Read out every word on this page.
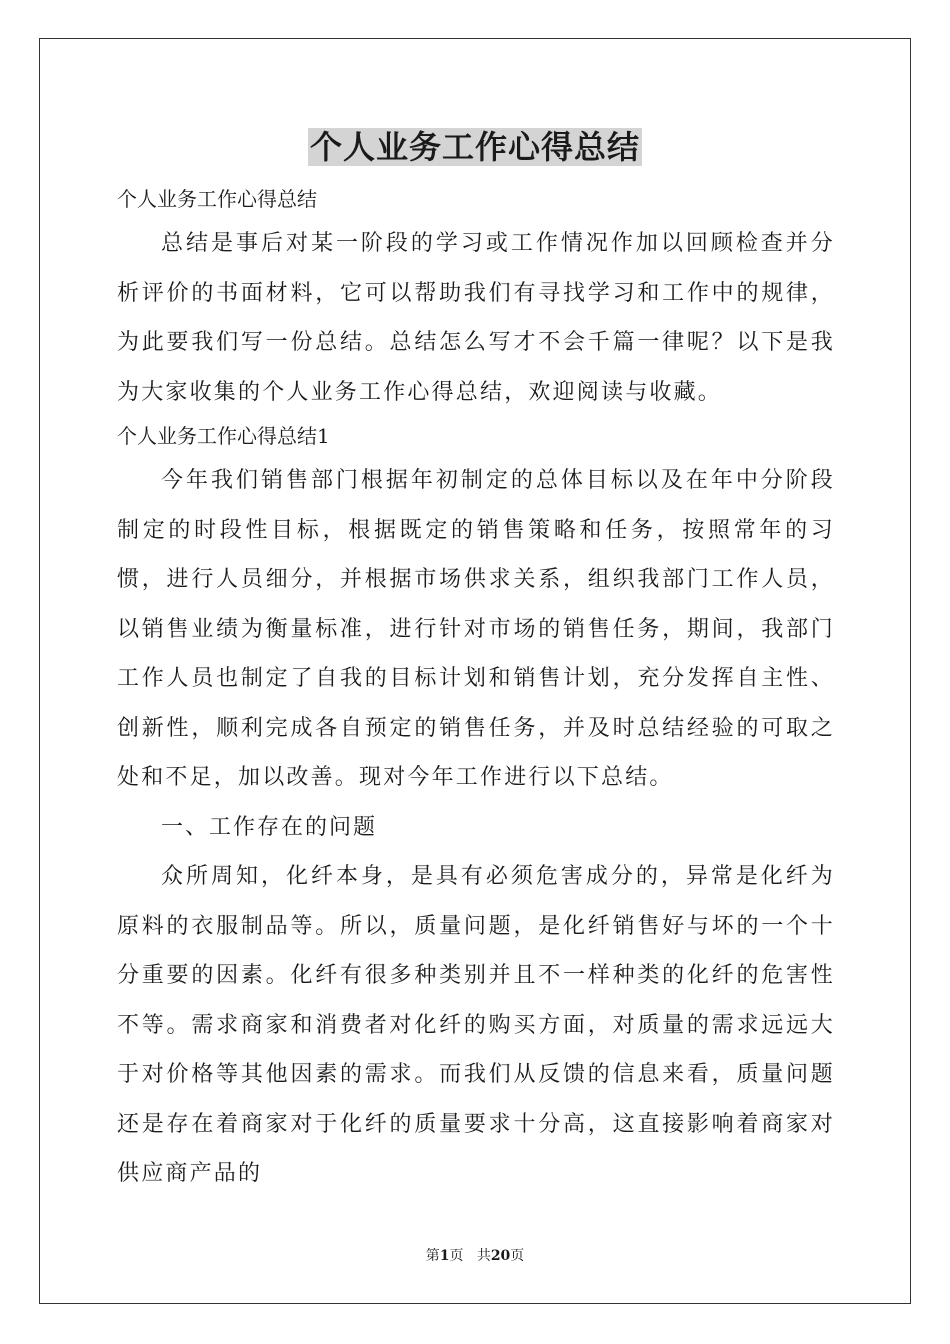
个人业务工作心得总结

个人业务工作心得总结

总结是事后对某一阶段的学习或工作情况作加以回顾检查并分析评价的书面材料，它可以帮助我们有寻找学习和工作中的规律，为此要我们写一份总结。总结怎么写才不会千篇一律呢？以下是我为大家收集的个人业务工作心得总结，欢迎阅读与收藏。

个人业务工作心得总结1

今年我们销售部门根据年初制定的总体目标以及在年中分阶段制定的时段性目标，根据既定的销售策略和任务，按照常年的习惯，进行人员细分，并根据市场供求关系，组织我部门工作人员，以销售业绩为衡量标准，进行针对市场的销售任务，期间，我部门工作人员也制定了自我的目标计划和销售计划，充分发挥自主性、创新性，顺利完成各自预定的销售任务，并及时总结经验的可取之处和不足，加以改善。现对今年工作进行以下总结。

一、工作存在的问题

众所周知，化纤本身，是具有必须危害成分的，异常是化纤为原料的衣服制品等。所以，质量问题，是化纤销售好与坏的一个十分重要的因素。化纤有很多种类别并且不一样种类的化纤的危害性不等。需求商家和消费者对化纤的购买方面，对质量的需求远远大于对价格等其他因素的需求。而我们从反馈的信息来看，质量问题还是存在着商家对于化纤的质量要求十分高，这直接影响着商家对供应商产品的

第1页 共20页
